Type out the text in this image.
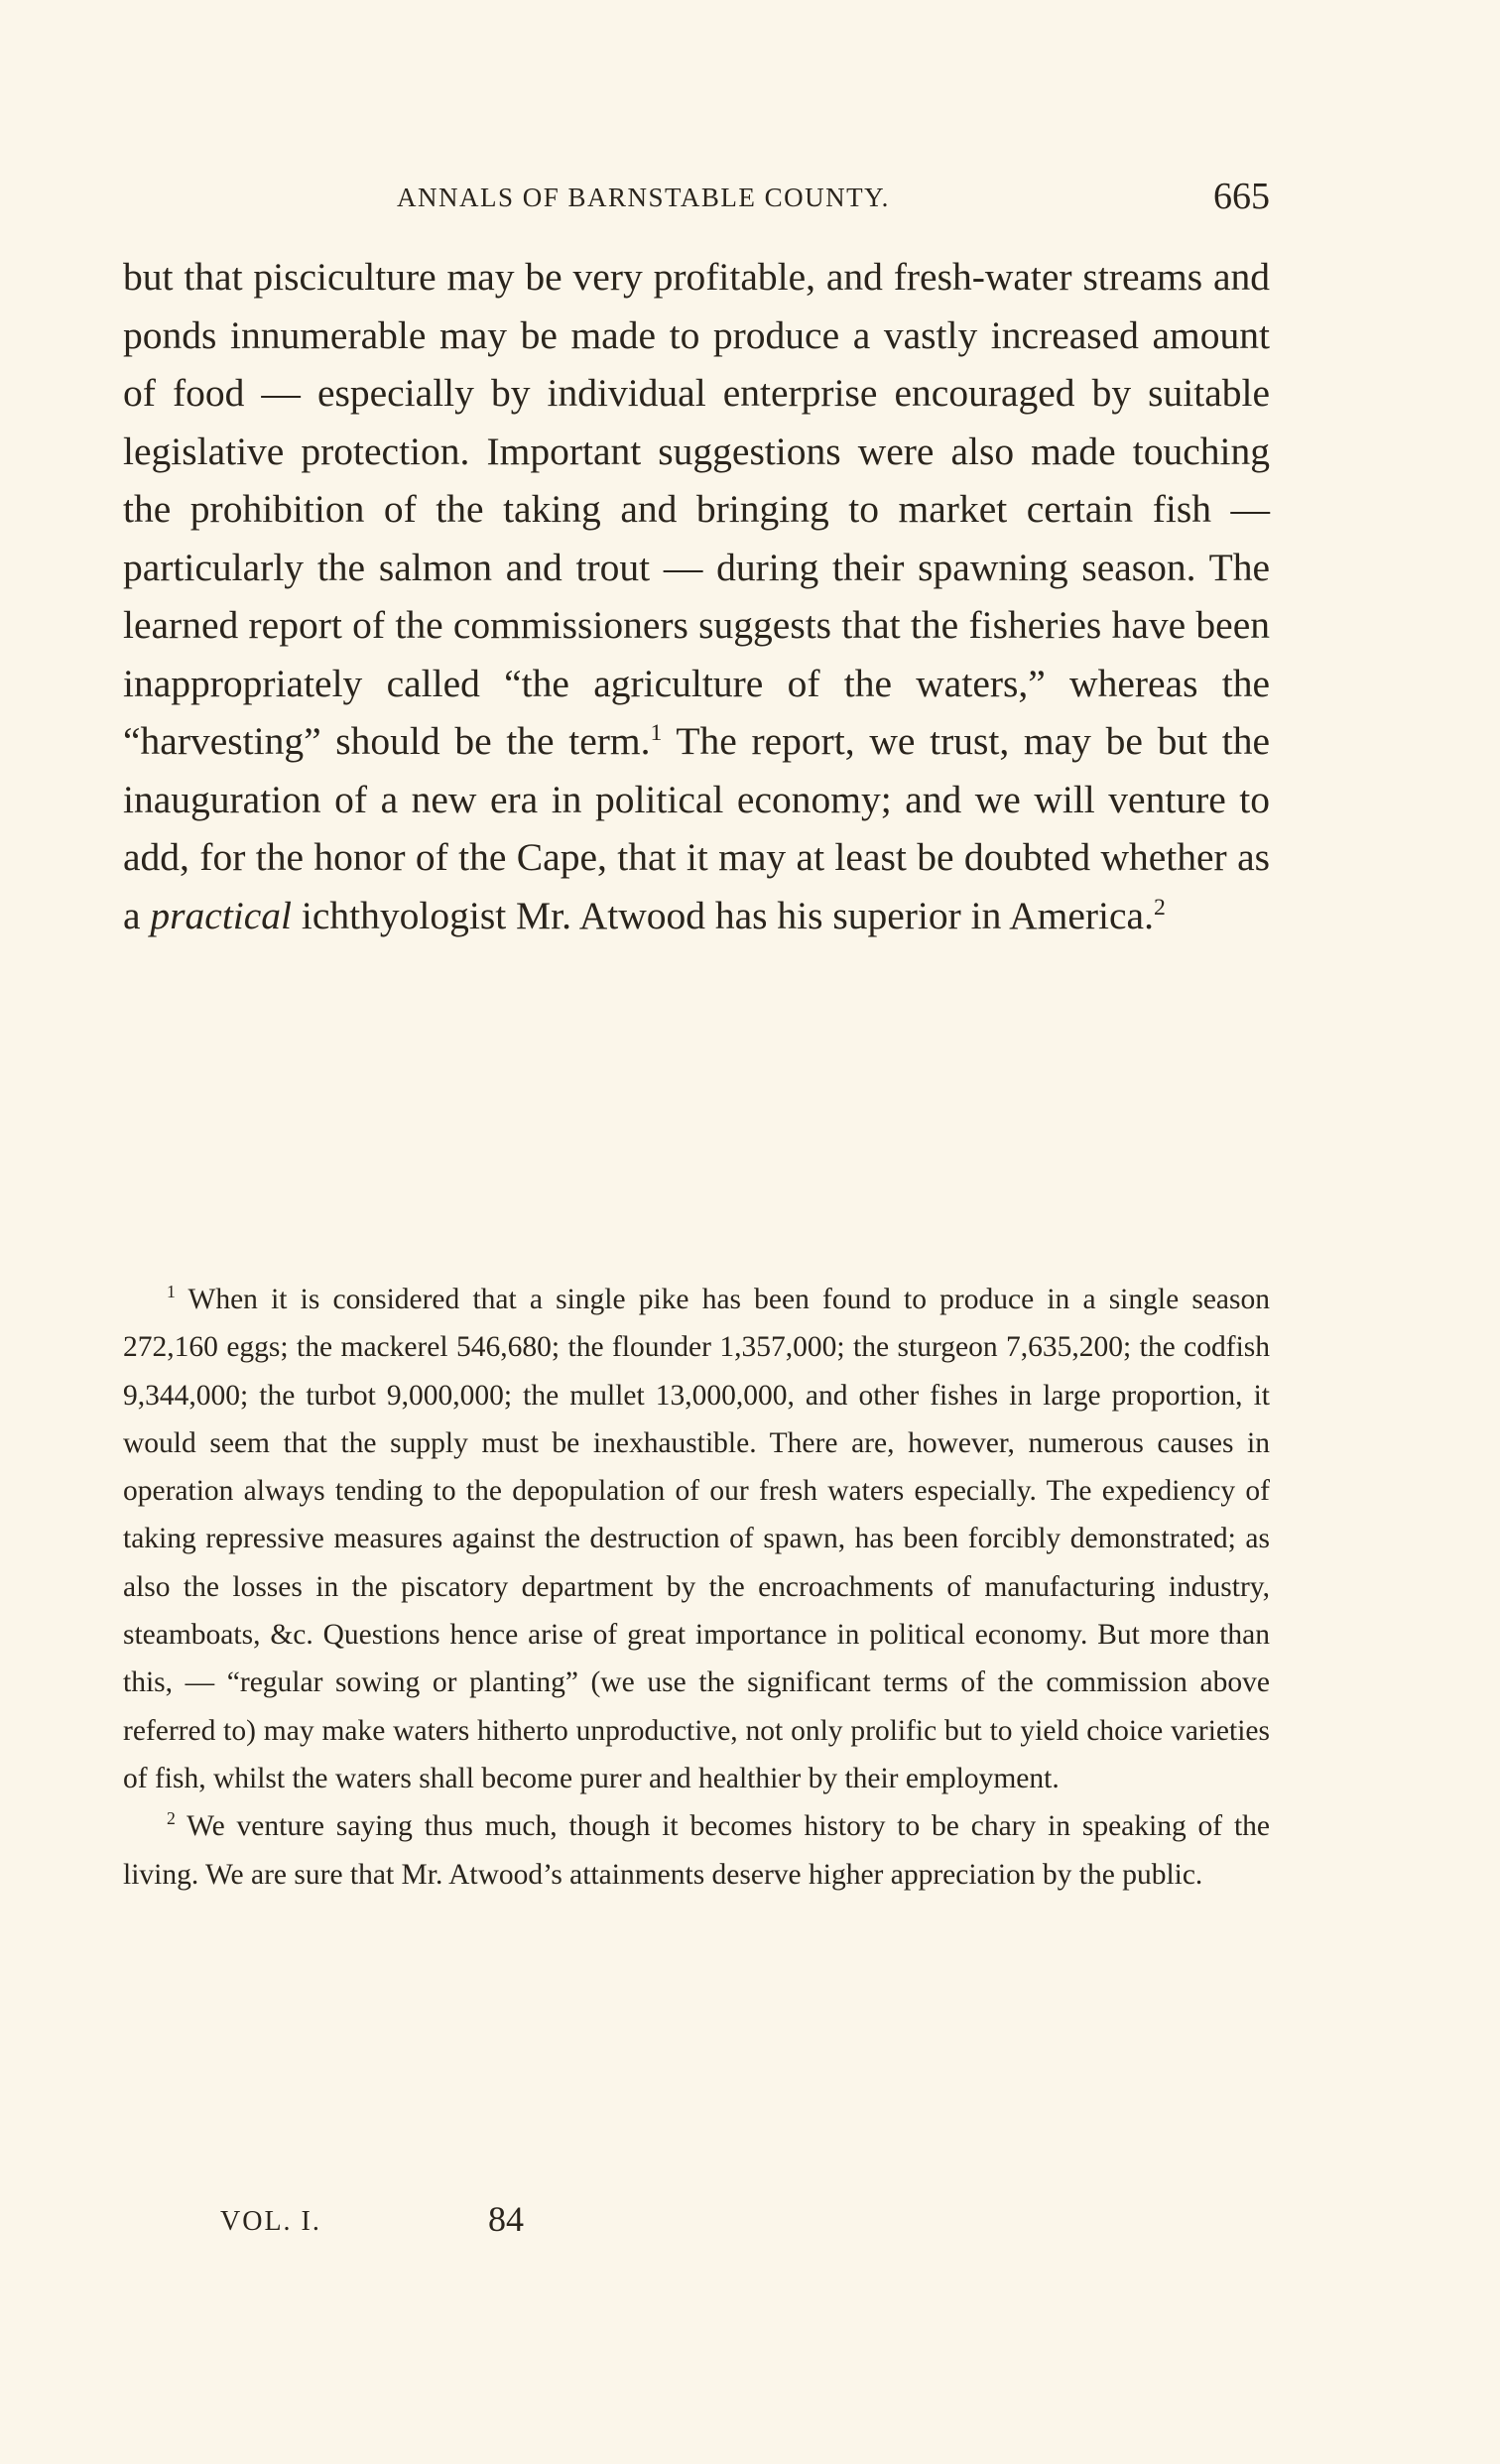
ANNALS OF BARNSTABLE COUNTY.	665

but that pisciculture may be very profitable, and fresh-water streams and ponds innumerable may be made to produce a vastly increased amount of food — especially by individual enterprise encouraged by suitable legislative protection. Important suggestions were also made touching the prohibition of the taking and bringing to market certain fish — particularly the salmon and trout — during their spawning season. The learned report of the commissioners suggests that the fisheries have been inappropriately called “the agriculture of the waters,” whereas the “harvesting” should be the term.$^1$ The report, we trust, may be but the inauguration of a new era in political economy; and we will venture to add, for the honor of the Cape, that it may at least be doubted whether as a practical ichthyologist Mr. Atwood has his superior in America.$^2$

$^1$ When it is considered that a single pike has been found to produce in a single season 272,160 eggs; the mackerel 546,680; the flounder 1,357,000; the sturgeon 7,635,200; the codfish 9,344,000; the turbot 9,000,000; the mullet 13,000,000, and other fishes in large proportion, it would seem that the supply must be inexhaustible. There are, however, numerous causes in operation always tending to the depopulation of our fresh waters especially. The expediency of taking repressive measures against the destruction of spawn, has been forcibly demonstrated; as also the losses in the piscatory department by the encroachments of manufacturing industry, steamboats, &c. Questions hence arise of great importance in political economy. But more than this, — “regular sowing or planting” (we use the significant terms of the commission above referred to) may make waters hitherto unproductive, not only prolific but to yield choice varieties of fish, whilst the waters shall become purer and healthier by their employment.

$^2$ We venture saying thus much, though it becomes history to be chary in speaking of the living. We are sure that Mr. Atwood’s attainments deserve higher appreciation by the public.

VOL. I.	84
